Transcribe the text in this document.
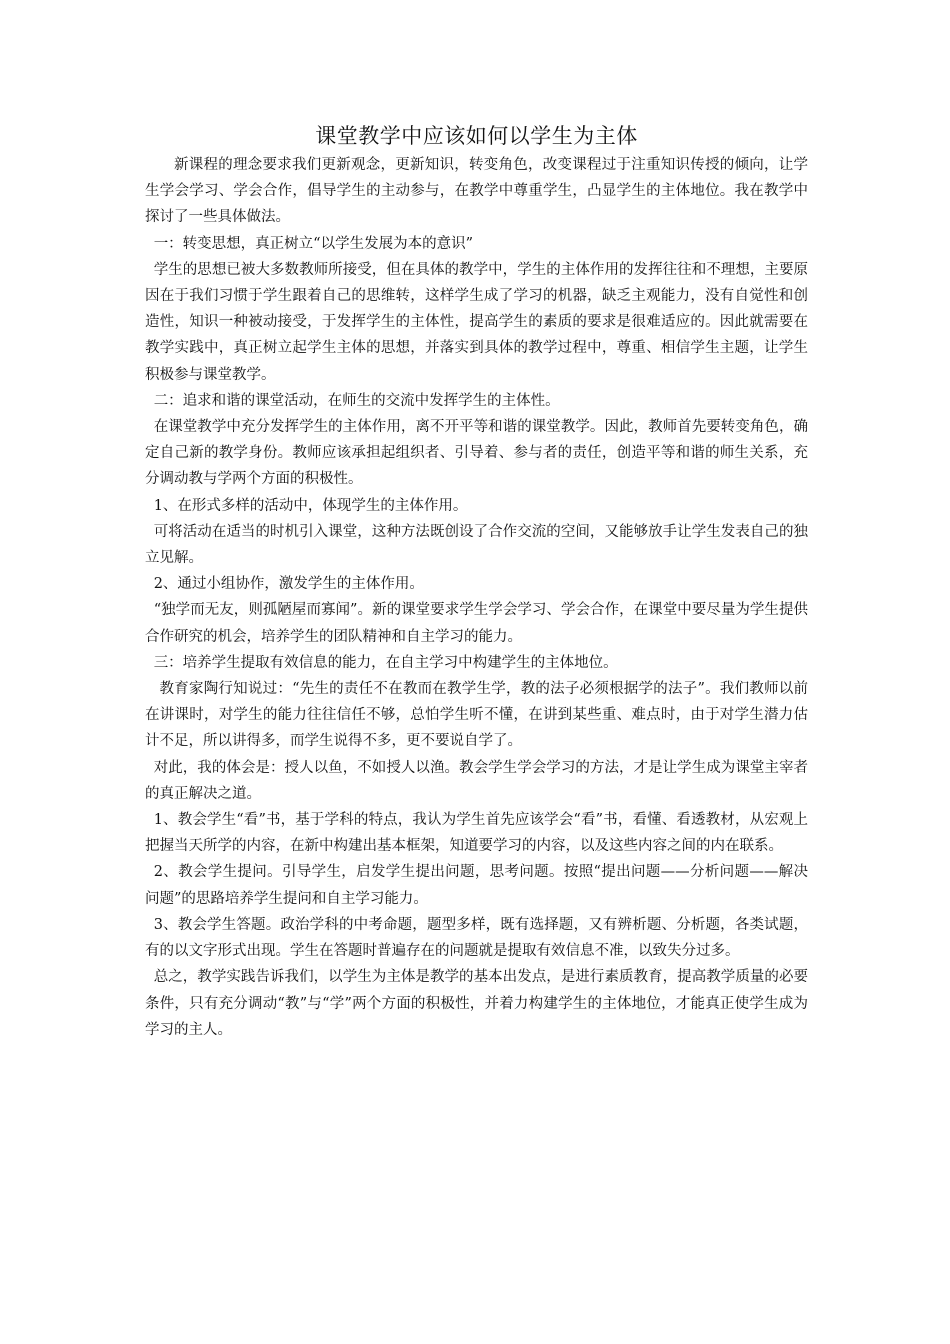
课堂教学中应该如何以学生为主体

新课程的理念要求我们更新观念，更新知识，转变角色，改变课程过于注重知识传授的倾向，让学生学会学习、学会合作，倡导学生的主动参与，在教学中尊重学生，凸显学生的主体地位。我在教学中探讨了一些具体做法。

一：转变思想，真正树立“以学生发展为本的意识”

学生的思想已被大多数教师所接受，但在具体的教学中，学生的主体作用的发挥往往和不理想，主要原因在于我们习惯于学生跟着自己的思维转，这样学生成了学习的机器，缺乏主观能力，没有自觉性和创造性，知识一种被动接受，于发挥学生的主体性，提高学生的素质的要求是很难适应的。因此就需要在教学实践中，真正树立起学生主体的思想，并落实到具体的教学过程中，尊重、相信学生主题，让学生积极参与课堂教学。

二：追求和谐的课堂活动，在师生的交流中发挥学生的主体性。

在课堂教学中充分发挥学生的主体作用，离不开平等和谐的课堂教学。因此，教师首先要转变角色，确定自己新的教学身份。教师应该承担起组织者、引导着、参与者的责任，创造平等和谐的师生关系，充分调动教与学两个方面的积极性。

1、在形式多样的活动中，体现学生的主体作用。

可将活动在适当的时机引入课堂，这种方法既创设了合作交流的空间，又能够放手让学生发表自己的独立见解。

2、通过小组协作，激发学生的主体作用。

“独学而无友，则孤陋屋而寡闻”。新的课堂要求学生学会学习、学会合作，在课堂中要尽量为学生提供合作研究的机会，培养学生的团队精神和自主学习的能力。

三：培养学生提取有效信息的能力，在自主学习中构建学生的主体地位。

教育家陶行知说过：“先生的责任不在教而在教学生学，教的法子必须根据学的法子”。我们教师以前在讲课时，对学生的能力往往信任不够，总怕学生听不懂，在讲到某些重、难点时，由于对学生潜力估计不足，所以讲得多，而学生说得不多，更不要说自学了。

对此，我的体会是：授人以鱼，不如授人以渔。教会学生学会学习的方法，才是让学生成为课堂主宰者的真正解决之道。

1、教会学生“看”书，基于学科的特点，我认为学生首先应该学会“看”书，看懂、看透教材，从宏观上把握当天所学的内容，在新中构建出基本框架，知道要学习的内容，以及这些内容之间的内在联系。

2、教会学生提问。引导学生，启发学生提出问题，思考问题。按照“提出问题——分析问题——解决问题”的思路培养学生提问和自主学习能力。

3、教会学生答题。政治学科的中考命题，题型多样，既有选择题，又有辨析题、分析题，各类试题，有的以文字形式出现。学生在答题时普遍存在的问题就是提取有效信息不准，以致失分过多。

总之，教学实践告诉我们，以学生为主体是教学的基本出发点，是进行素质教育，提高教学质量的必要条件，只有充分调动“教”与“学”两个方面的积极性，并着力构建学生的主体地位，才能真正使学生成为学习的主人。
